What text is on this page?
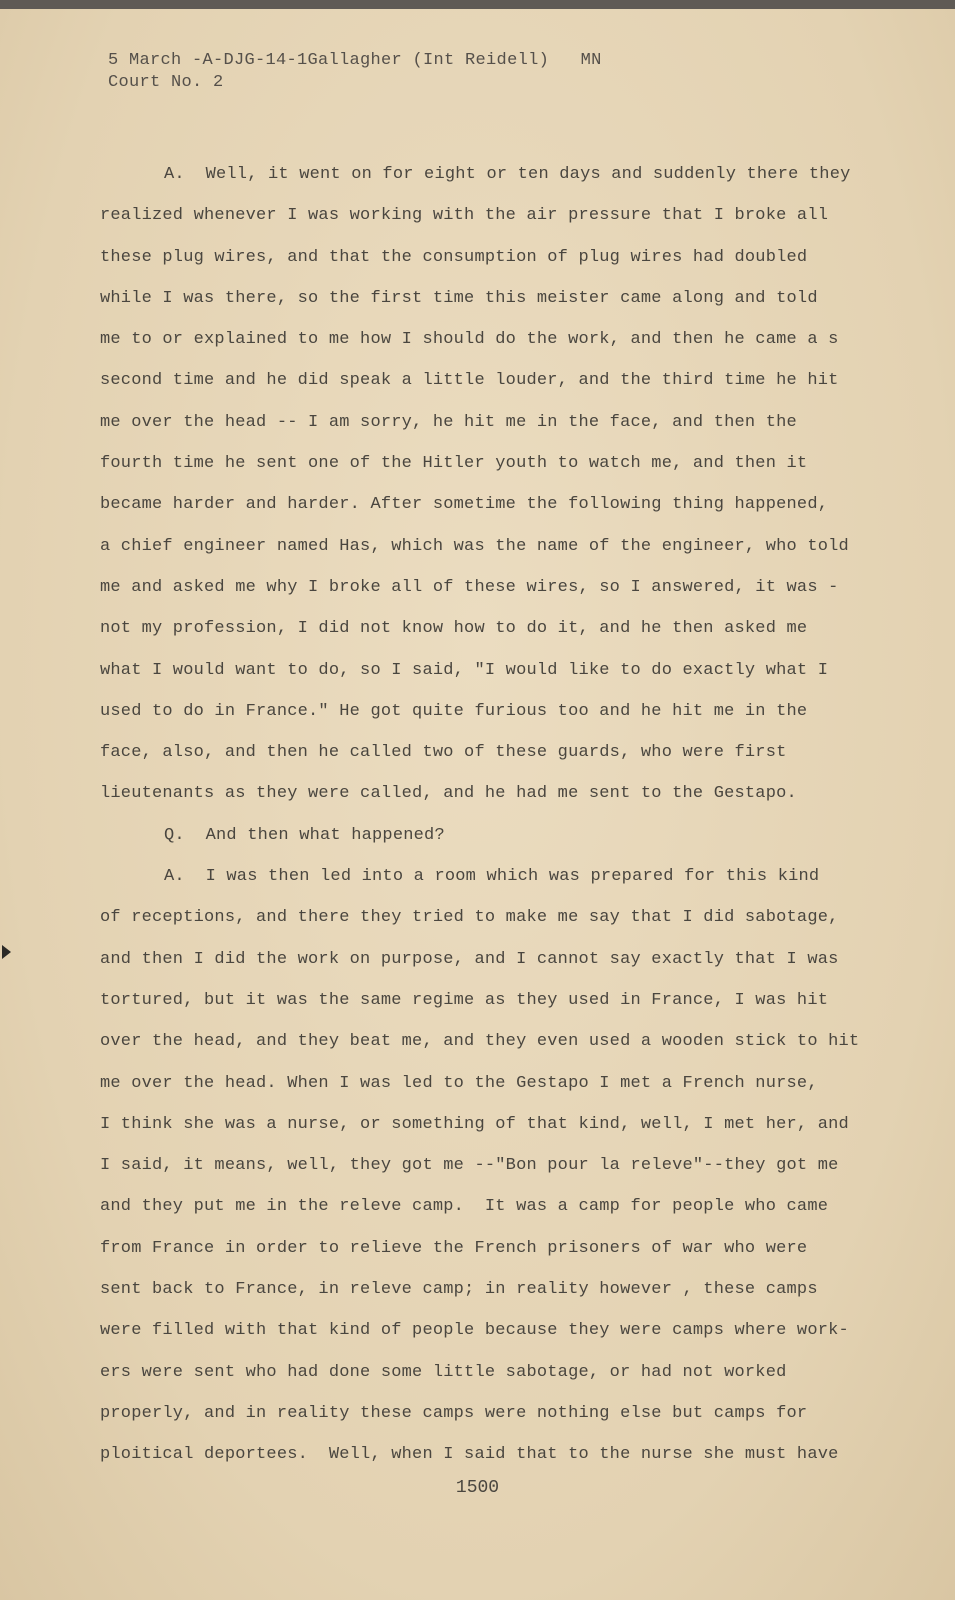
5 March -A-DJG-14-1Gallagher (Int Reidell)   MN
Court No. 2
A.  Well, it went on for eight or ten days and suddenly there they
realized whenever I was working with the air pressure that I broke all
these plug wires, and that the consumption of plug wires had doubled
while I was there, so the first time this meister came along and told
me to or explained to me how I should do the work, and then he came a s
second time and he did speak a little louder, and the third time he hit
me over the head -- I am sorry, he hit me in the face, and then the
fourth time he sent one of the Hitler youth to watch me, and then it
became harder and harder. After sometime the following thing happened,
a chief engineer named Has, which was the name of the engineer, who told
me and asked me why I broke all of these wires, so I answered, it was -
not my profession, I did not know how to do it, and he then asked me
what I would want to do, so I said, "I would like to do exactly what I
used to do in France." He got quite furious too and he hit me in the
face, also, and then he called two of these guards, who were first
lieutenants as they were called, and he had me sent to the Gestapo.
Q.  And then what happened?
A.  I was then led into a room which was prepared for this kind
of receptions, and there they tried to make me say that I did sabotage,
and then I did the work on purpose, and I cannot say exactly that I was
tortured, but it was the same regime as they used in France, I was hit
over the head, and they beat me, and they even used a wooden stick to hit
me over the head. When I was led to the Gestapo I met a French nurse,
I think she was a nurse, or something of that kind, well, I met her, and
I said, it means, well, they got me --"Bon pour la releve"--they got me
and they put me in the releve camp.  It was a camp for people who came
from France in order to relieve the French prisoners of war who were
sent back to France, in releve camp; in reality however , these camps
were filled with that kind of people because they were camps where work-
ers were sent who had done some little sabotage, or had not worked
properly, and in reality these camps were nothing else but camps for
ploitical deportees.  Well, when I said that to the nurse she must have
1500
